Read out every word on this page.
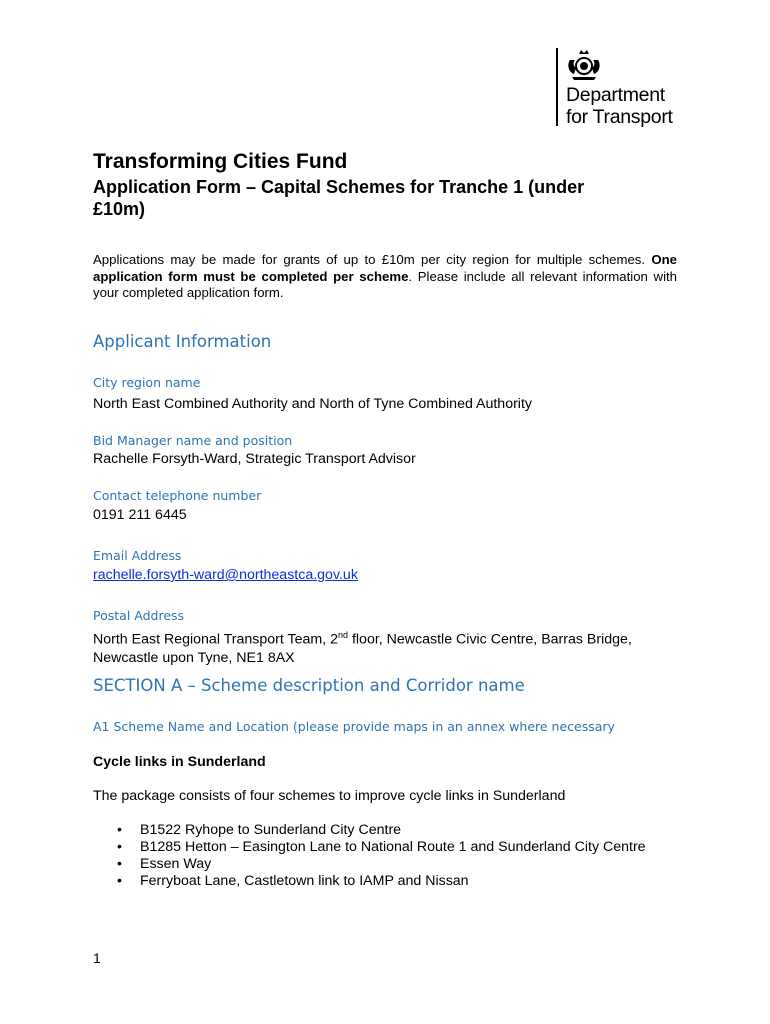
Department
for Transport
Transforming Cities Fund
Application Form – Capital Schemes for Tranche 1 (under £10m)
Applications may be made for grants of up to £10m per city region for multiple schemes. One application form must be completed per scheme. Please include all relevant information with your completed application form.
Applicant Information
City region name
North East Combined Authority and North of Tyne Combined Authority
Bid Manager name and position
Rachelle Forsyth-Ward, Strategic Transport Advisor
Contact telephone number
0191 211 6445
Email Address
rachelle.forsyth-ward@northeastca.gov.uk
Postal Address
North East Regional Transport Team, 2nd floor, Newcastle Civic Centre, Barras Bridge, Newcastle upon Tyne, NE1 8AX
SECTION A – Scheme description and Corridor name
A1 Scheme Name and Location (please provide maps in an annex where necessary
Cycle links in Sunderland
The package consists of four schemes to improve cycle links in Sunderland
• B1522 Ryhope to Sunderland City Centre
• B1285 Hetton – Easington Lane to National Route 1 and Sunderland City Centre
• Essen Way
• Ferryboat Lane, Castletown link to IAMP and Nissan
1
